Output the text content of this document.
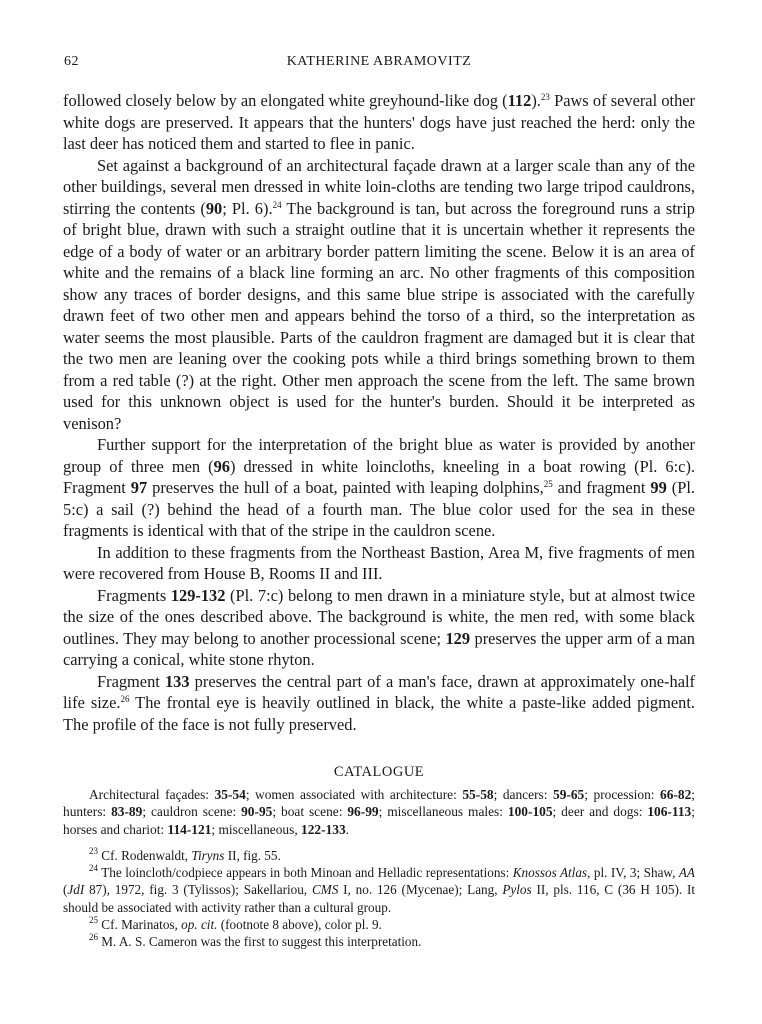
62	KATHERINE ABRAMOVITZ

followed closely below by an elongated white greyhound-like dog (112).$^{23}$ Paws of several other white dogs are preserved. It appears that the hunters' dogs have just reached the herd: only the last deer has noticed them and started to flee in panic.

Set against a background of an architectural façade drawn at a larger scale than any of the other buildings, several men dressed in white loin-cloths are tending two large tripod cauldrons, stirring the contents (90; Pl. 6).$^{24}$ The background is tan, but across the foreground runs a strip of bright blue, drawn with such a straight outline that it is uncertain whether it represents the edge of a body of water or an arbitrary border pattern limiting the scene. Below it is an area of white and the remains of a black line forming an arc. No other fragments of this composition show any traces of border designs, and this same blue stripe is associated with the carefully drawn feet of two other men and appears behind the torso of a third, so the interpretation as water seems the most plausible. Parts of the cauldron fragment are damaged but it is clear that the two men are leaning over the cooking pots while a third brings something brown to them from a red table (?) at the right. Other men approach the scene from the left. The same brown used for this unknown object is used for the hunter's burden. Should it be interpreted as venison?

Further support for the interpretation of the bright blue as water is provided by another group of three men (96) dressed in white loincloths, kneeling in a boat rowing (Pl. 6:c). Fragment 97 preserves the hull of a boat, painted with leaping dolphins,$^{25}$ and fragment 99 (Pl. 5:c) a sail (?) behind the head of a fourth man. The blue color used for the sea in these fragments is identical with that of the stripe in the cauldron scene.

In addition to these fragments from the Northeast Bastion, Area M, five fragments of men were recovered from House B, Rooms II and III.

Fragments 129-132 (Pl. 7:c) belong to men drawn in a miniature style, but at almost twice the size of the ones described above. The background is white, the men red, with some black outlines. They may belong to another processional scene; 129 preserves the upper arm of a man carrying a conical, white stone rhyton.

Fragment 133 preserves the central part of a man's face, drawn at approximately one-half life size.$^{26}$ The frontal eye is heavily outlined in black, the white a paste-like added pigment. The profile of the face is not fully preserved.

CATALOGUE

Architectural façades: 35-54; women associated with architecture: 55-58; dancers: 59-65; procession: 66-82; hunters: 83-89; cauldron scene: 90-95; boat scene: 96-99; miscellaneous males: 100-105; deer and dogs: 106-113; horses and chariot: 114-121; miscellaneous, 122-133.

$^{23}$ Cf. Rodenwaldt, Tiryns II, fig. 55.

$^{24}$ The loincloth/codpiece appears in both Minoan and Helladic representations: Knossos Atlas, pl. IV, 3; Shaw, AA (JdI 87), 1972, fig. 3 (Tylissos); Sakellariou, CMS I, no. 126 (Mycenae); Lang, Pylos II, pls. 116, C (36 H 105). It should be associated with activity rather than a cultural group.

$^{25}$ Cf. Marinatos, op. cit. (footnote 8 above), color pl. 9.

$^{26}$ M. A. S. Cameron was the first to suggest this interpretation.
